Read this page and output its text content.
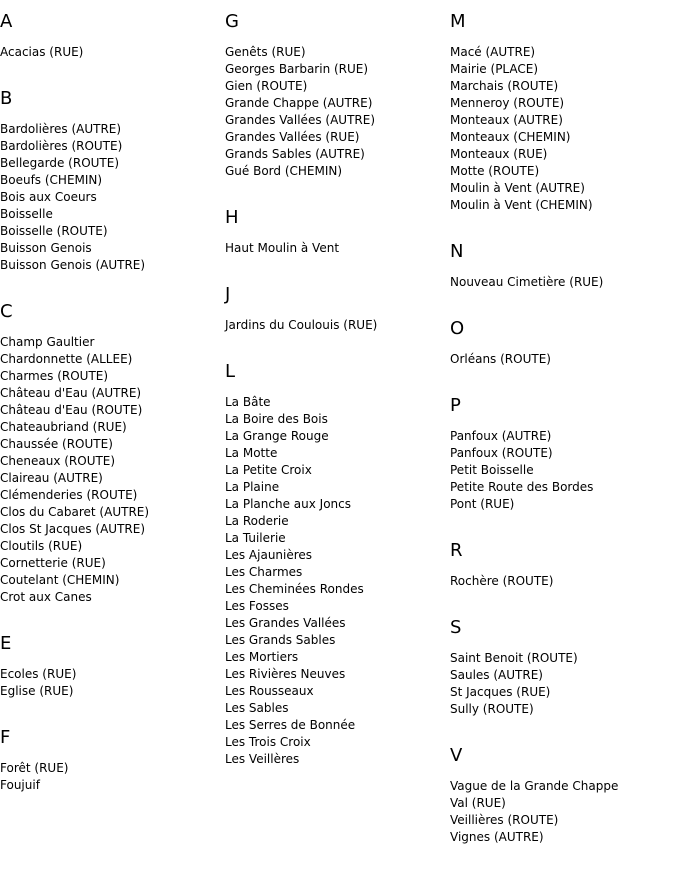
A
Acacias (RUE)
B
Bardolières (AUTRE)
Bardolières (ROUTE)
Bellegarde (ROUTE)
Boeufs (CHEMIN)
Bois aux Coeurs
Boisselle
Boisselle (ROUTE)
Buisson Genois
Buisson Genois (AUTRE)
C
Champ Gaultier
Chardonnette (ALLEE)
Charmes (ROUTE)
Château d'Eau (AUTRE)
Château d'Eau (ROUTE)
Chateaubriand (RUE)
Chaussée (ROUTE)
Cheneaux (ROUTE)
Claireau (AUTRE)
Clémenderies (ROUTE)
Clos du Cabaret (AUTRE)
Clos St Jacques (AUTRE)
Cloutils (RUE)
Cornetterie (RUE)
Coutelant (CHEMIN)
Crot aux Canes
E
Ecoles (RUE)
Eglise (RUE)
F
Forêt (RUE)
Foujuif
G
Genêts (RUE)
Georges Barbarin (RUE)
Gien (ROUTE)
Grande Chappe (AUTRE)
Grandes Vallées (AUTRE)
Grandes Vallées (RUE)
Grands Sables (AUTRE)
Gué Bord (CHEMIN)
H
Haut Moulin à Vent
J
Jardins du Coulouis (RUE)
L
La Bâte
La Boire des Bois
La Grange Rouge
La Motte
La Petite Croix
La Plaine
La Planche aux Joncs
La Roderie
La Tuilerie
Les Ajaunières
Les Charmes
Les Cheminées Rondes
Les Fosses
Les Grandes Vallées
Les Grands Sables
Les Mortiers
Les Rivières Neuves
Les Rousseaux
Les Sables
Les Serres de Bonnée
Les Trois Croix
Les Veillères
M
Macé (AUTRE)
Mairie (PLACE)
Marchais (ROUTE)
Menneroy (ROUTE)
Monteaux (AUTRE)
Monteaux (CHEMIN)
Monteaux (RUE)
Motte (ROUTE)
Moulin à Vent (AUTRE)
Moulin à Vent (CHEMIN)
N
Nouveau Cimetière (RUE)
O
Orléans (ROUTE)
P
Panfoux (AUTRE)
Panfoux (ROUTE)
Petit Boisselle
Petite Route des Bordes
Pont (RUE)
R
Rochère (ROUTE)
S
Saint Benoit (ROUTE)
Saules (AUTRE)
St Jacques (RUE)
Sully (ROUTE)
V
Vague de la Grande Chappe
Val (RUE)
Veillières (ROUTE)
Vignes (AUTRE)
